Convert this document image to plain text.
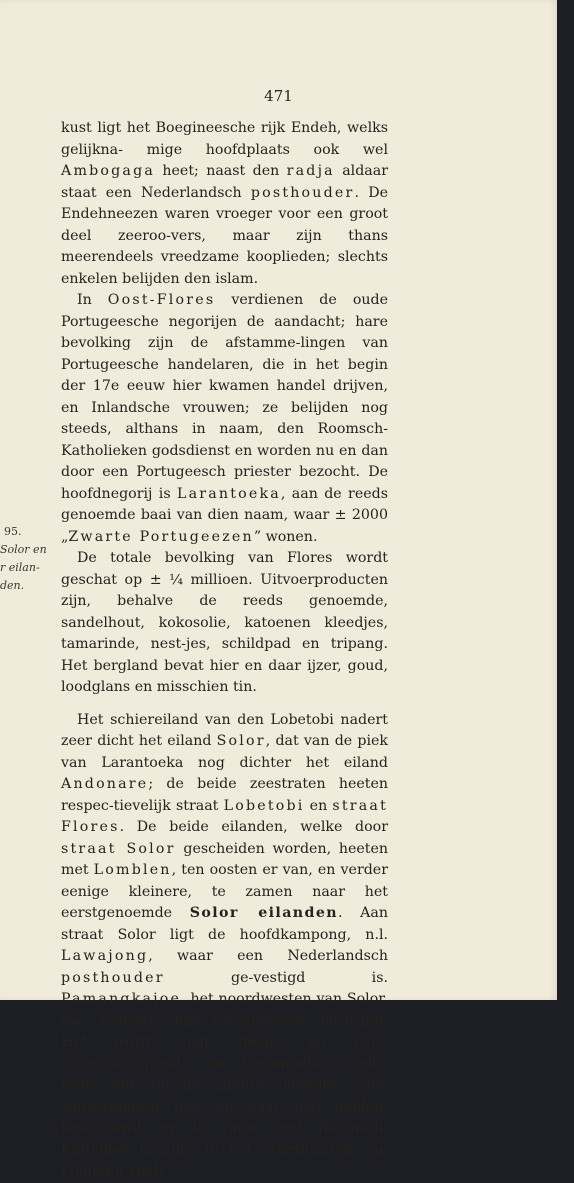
471
95.
Solor en
r eilan-
den.

kust ligt het Boegineesche rijk Endeh, welks gelijkna- mige hoofdplaats ook wel Ambogaga heet; naast den radja aldaar staat een Nederlandsch posthouder. De Endehneezen waren vroeger voor een groot deel zeeroo-vers, maar zijn thans meerendeels vreedzame kooplieden; slechts enkelen belijden den islam.

In Oost-Flores verdienen de oude Portugeesche negorijen de aandacht; hare bevolking zijn de afstamme-lingen van Portugeesche handelaren, die in het begin der 17e eeuw hier kwamen handel drijven, en Inlandsche vrouwen; ze belijden nog steeds, althans in naam, den Roomsch-Katholieken godsdienst en worden nu en dan door een Portugeesch priester bezocht. De hoofdnegorij is Larantoeka, aan de reeds genoemde baai van dien naam, waar ± 2000 „Zwarte Portugeezen” wonen.

De totale bevolking van Flores wordt geschat op ± ¼ millioen. Uitvoerproducten zijn, behalve de reeds genoemde, sandelhout, kokosolie, katoenen kleedjes, tamarinde, nest-jes, schildpad en tripang. Het bergland bevat hier en daar ijzer, goud, loodglans en misschien tin.

Het schiereiland van den Lobetobi nadert zeer dicht het eiland Solor, dat van de piek van Larantoeka nog dichter het eiland Andonare; de beide zeestraten heeten respec-tievelijk straat Lobetobi en straat Flores. De beide eilanden, welke door straat Solor gescheiden worden, heeten met Lomblen, ten oosten er van, en verder eenige kleinere, te zamen naar het eerstgenoemde Solor eilanden. Aan straat Solor ligt de hoofdkampong, n.l. Lawajong, waar een Nederlandsch posthouder ge-vestigd is. Pamangkajoe, het noordwesten van Solor, was vroeger eene Portugeesche bezitting. Het wordt nog steeds als eene onderhoorigheid van Larantoeka, welks radja ook op de andere eilanden zijne souvereiniteit hier en daar laat gelden, beschouwd en de vorst heet Roomsch-Katholiek te zijn. In het noordoosten van Lomblen vindt
